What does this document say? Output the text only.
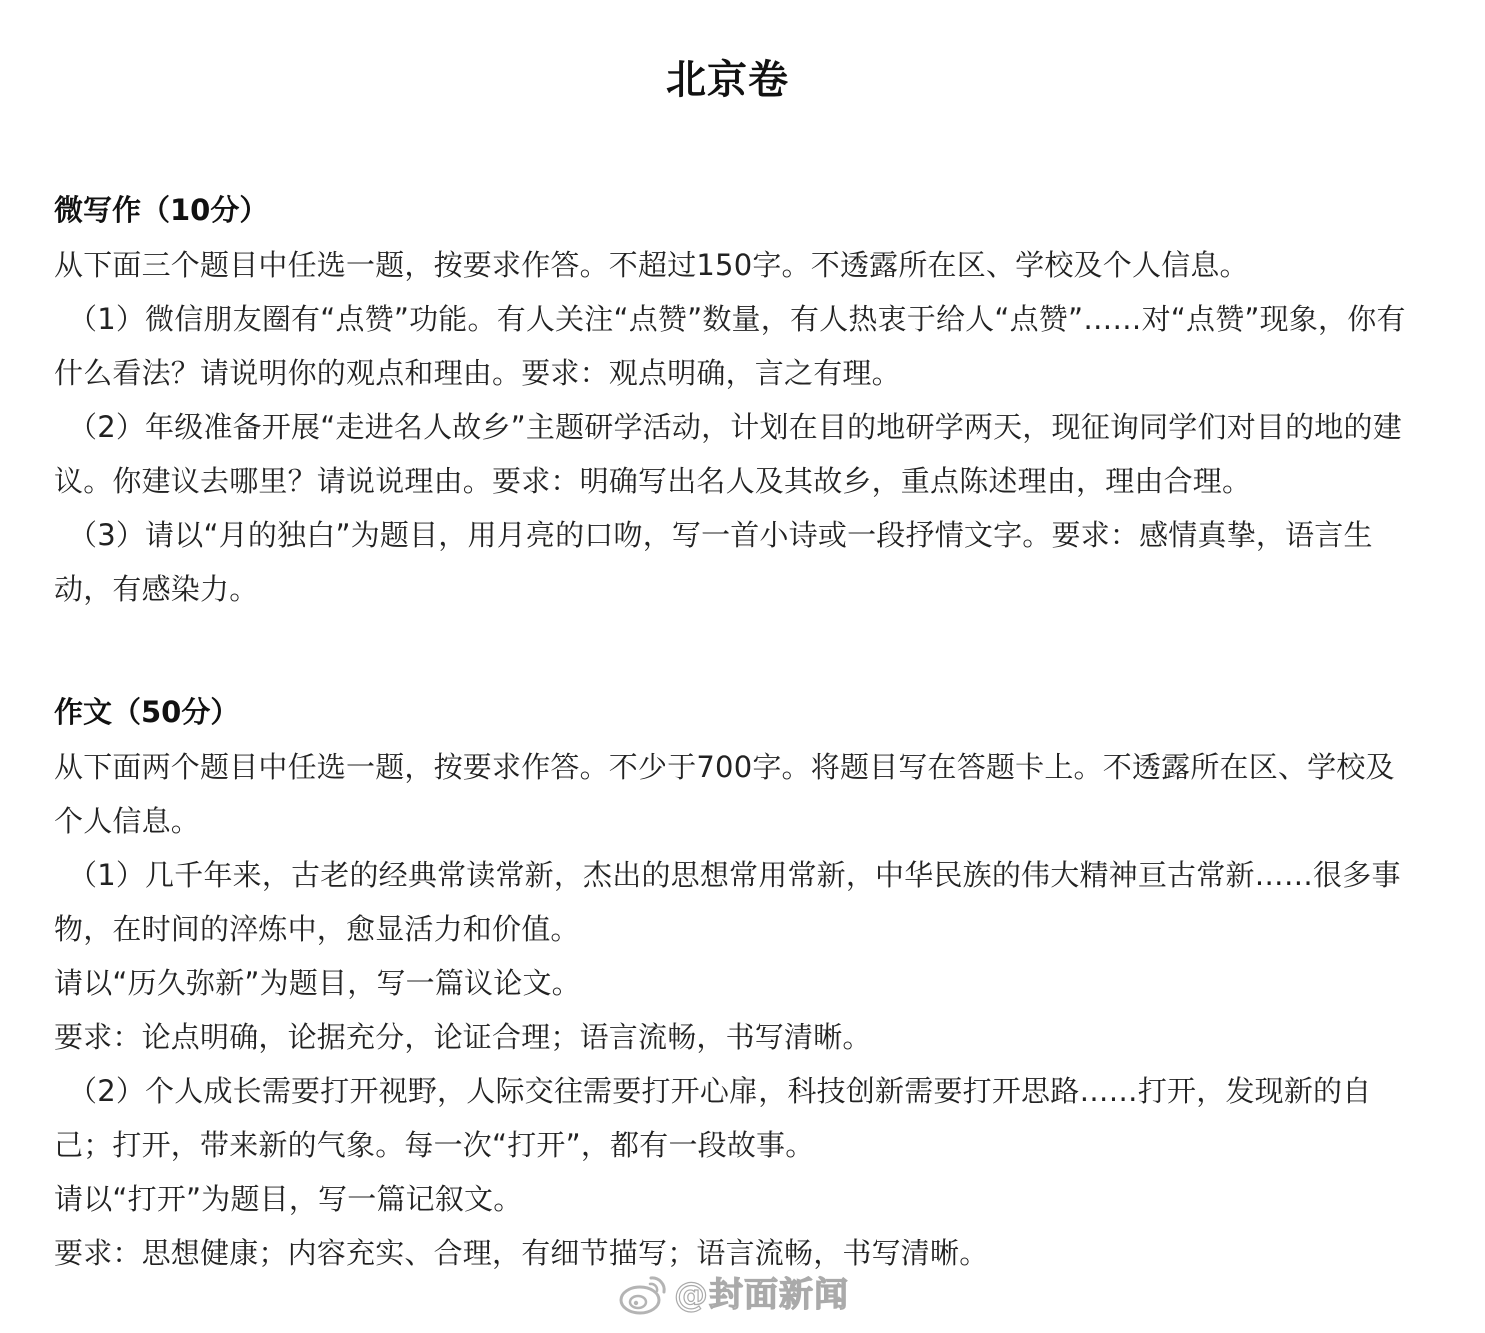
北京卷

微写作（10分）

从下面三个题目中任选一题，按要求作答。不超过150字。不透露所在区、学校及个人信息。

（1）微信朋友圈有“点赞”功能。有人关注“点赞”数量，有人热衷于给人“点赞”……对“点赞”现象，你有什么看法？请说明你的观点和理由。要求：观点明确，言之有理。

（2）年级准备开展“走进名人故乡”主题研学活动，计划在目的地研学两天，现征询同学们对目的地的建议。你建议去哪里？请说说理由。要求：明确写出名人及其故乡，重点陈述理由，理由合理。

（3）请以“月的独白”为题目，用月亮的口吻，写一首小诗或一段抒情文字。要求：感情真挚，语言生动，有感染力。

作文（50分）

从下面两个题目中任选一题，按要求作答。不少于700字。将题目写在答题卡上。不透露所在区、学校及个人信息。

（1）几千年来，古老的经典常读常新，杰出的思想常用常新，中华民族的伟大精神亘古常新……很多事物，在时间的淬炼中，愈显活力和价值。

请以“历久弥新”为题目，写一篇议论文。

要求：论点明确，论据充分，论证合理；语言流畅，书写清晰。

（2）个人成长需要打开视野，人际交往需要打开心扉，科技创新需要打开思路……打开，发现新的自己；打开，带来新的气象。每一次“打开”，都有一段故事。

请以“打开”为题目，写一篇记叙文。

要求：思想健康；内容充实、合理，有细节描写；语言流畅，书写清晰。

@封面新闻
